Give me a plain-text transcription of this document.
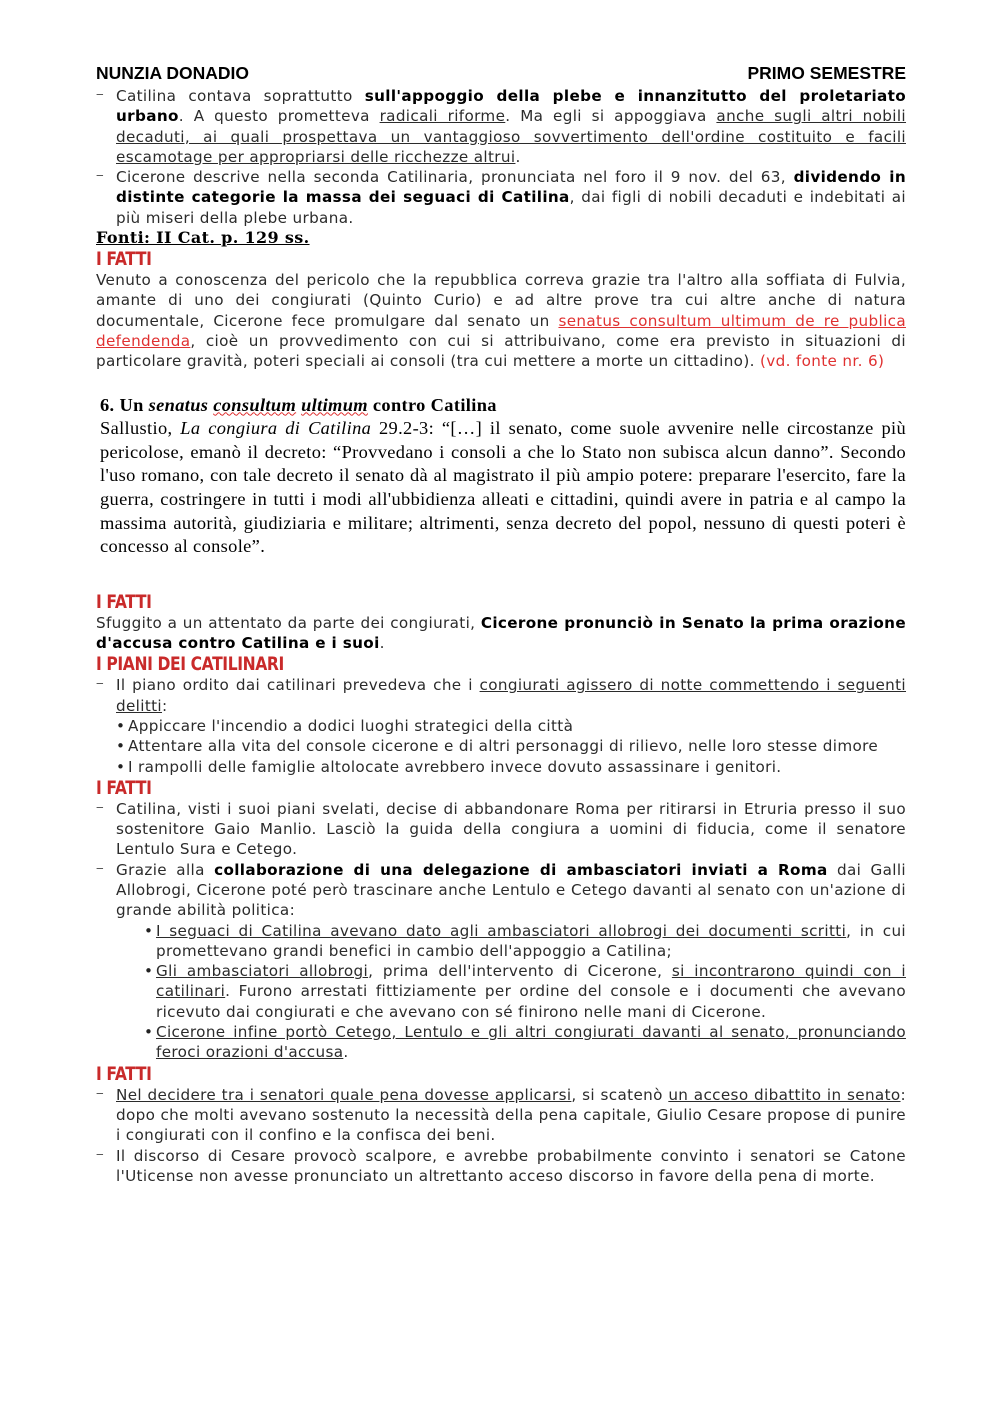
NUNZIA DONADIO	PRIMO SEMESTRE
‒ Catilina contava soprattutto sull'appoggio della plebe e innanzitutto del proletariato urbano. A questo prometteva radicali riforme. Ma egli si appoggiava anche sugli altri nobili decaduti, ai quali prospettava un vantaggioso sovvertimento dell'ordine costituito e facili escamotage per appropriarsi delle ricchezze altrui.
‒ Cicerone descrive nella seconda Catilinaria, pronunciata nel foro il 9 nov. del 63, dividendo in distinte categorie la massa dei seguaci di Catilina, dai figli di nobili decaduti e indebitati ai più miseri della plebe urbana.
Fonti: II Cat. p. 129 ss.
I FATTI
Venuto a conoscenza del pericolo che la repubblica correva grazie tra l'altro alla soffiata di Fulvia, amante di uno dei congiurati (Quinto Curio) e ad altre prove tra cui altre anche di natura documentale, Cicerone fece promulgare dal senato un senatus consultum ultimum de re publica defendenda, cioè un provvedimento con cui si attribuivano, come era previsto in situazioni di particolare gravità, poteri speciali ai consoli (tra cui mettere a morte un cittadino). (vd. fonte nr. 6)
6. Un senatus consultum ultimum contro Catilina
Sallustio, La congiura di Catilina 29.2-3: “[…] il senato, come suole avvenire nelle circostanze più pericolose, emanò il decreto: “Provvedano i consoli a che lo Stato non subisca alcun danno”. Secondo l'uso romano, con tale decreto il senato dà al magistrato il più ampio potere: preparare l'esercito, fare la guerra, costringere in tutti i modi all'ubbidienza alleati e cittadini, quindi avere in patria e al campo la massima autorità, giudiziaria e militare; altrimenti, senza decreto del popol, nessuno di questi poteri è concesso al console”.
I FATTI
Sfuggito a un attentato da parte dei congiurati, Cicerone pronunciò in Senato la prima orazione d'accusa contro Catilina e i suoi.
I PIANI DEI CATILINARI
‒ Il piano ordito dai catilinari prevedeva che i congiurati agissero di notte commettendo i seguenti delitti:
• Appiccare l'incendio a dodici luoghi strategici della città
• Attentare alla vita del console cicerone e di altri personaggi di rilievo, nelle loro stesse dimore
• I rampolli delle famiglie altolocate avrebbero invece dovuto assassinare i genitori.
I FATTI
‒ Catilina, visti i suoi piani svelati, decise di abbandonare Roma per ritirarsi in Etruria presso il suo sostenitore Gaio Manlio. Lasciò la guida della congiura a uomini di fiducia, come il senatore Lentulo Sura e Cetego.
‒ Grazie alla collaborazione di una delegazione di ambasciatori inviati a Roma dai Galli Allobrogi, Cicerone poté però trascinare anche Lentulo e Cetego davanti al senato con un'azione di grande abilità politica:
• I seguaci di Catilina avevano dato agli ambasciatori allobrogi dei documenti scritti, in cui promettevano grandi benefici in cambio dell'appoggio a Catilina;
• Gli ambasciatori allobrogi, prima dell'intervento di Cicerone, si incontrarono quindi con i catilinari. Furono arrestati fittiziamente per ordine del console e i documenti che avevano ricevuto dai congiurati e che avevano con sé finirono nelle mani di Cicerone.
• Cicerone infine portò Cetego, Lentulo e gli altri congiurati davanti al senato, pronunciando feroci orazioni d'accusa.
I FATTI
‒ Nel decidere tra i senatori quale pena dovesse applicarsi, si scatenò un acceso dibattito in senato: dopo che molti avevano sostenuto la necessità della pena capitale, Giulio Cesare propose di punire i congiurati con il confino e la confisca dei beni.
‒ Il discorso di Cesare provocò scalpore, e avrebbe probabilmente convinto i senatori se Catone l'Uticense non avesse pronunciato un altrettanto acceso discorso in favore della pena di morte.
